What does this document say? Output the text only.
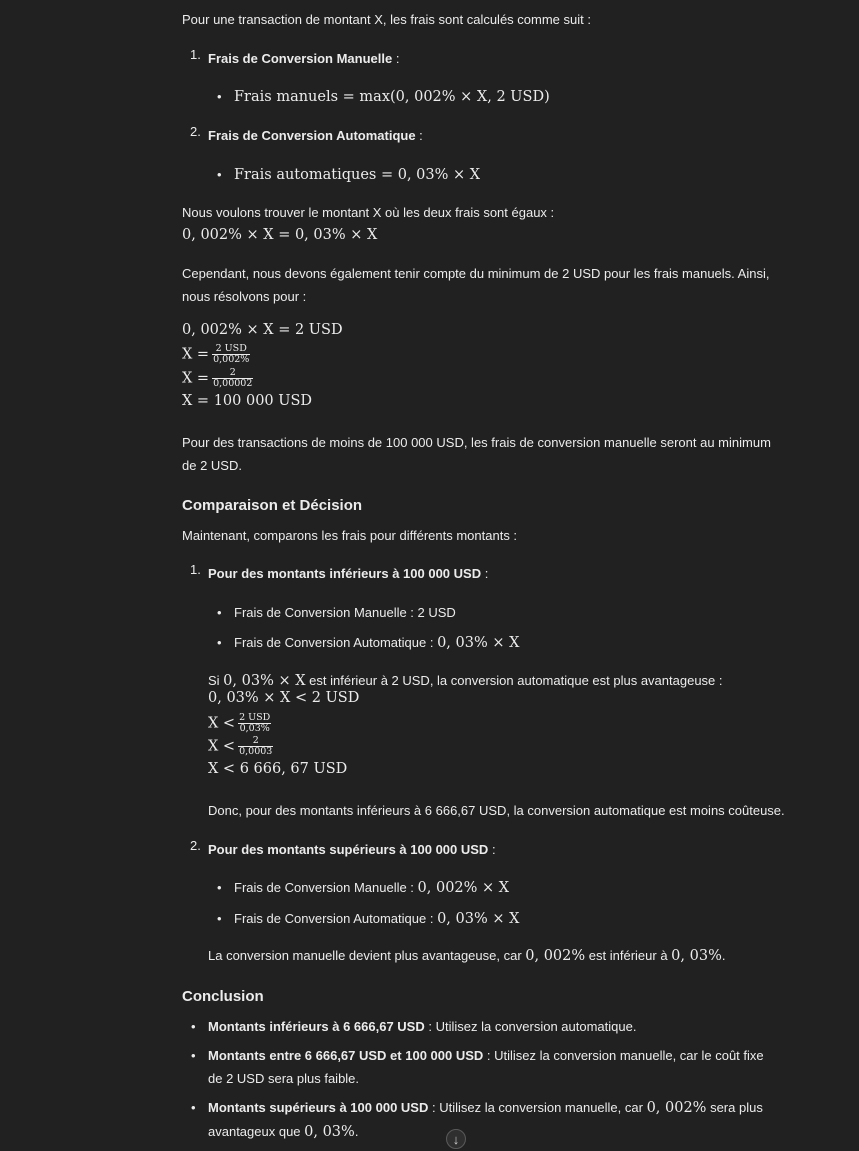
Pour une transaction de montant X, les frais sont calculés comme suit :

1. Frais de Conversion Manuelle :
• Frais manuels = max(0, 002% × X, 2 USD)
2. Frais de Conversion Automatique :
• Frais automatiques = 0, 03% × X

Nous voulons trouver le montant X où les deux frais sont égaux :

0, 002% × X = 0, 03% × X

Cependant, nous devons également tenir compte du minimum de 2 USD pour les frais manuels. Ainsi, nous résolvons pour :

0, 002% × X = 2 USD
$X = \frac{\text{2 USD}}{0,002\%}$
$X = \frac{2}{0,00002}$
X = 100 000 USD

Pour des transactions de moins de 100 000 USD, les frais de conversion manuelle seront au minimum de 2 USD.

Comparaison et Décision

Maintenant, comparons les frais pour différents montants :

1. Pour des montants inférieurs à 100 000 USD :
• Frais de Conversion Manuelle : 2 USD
• Frais de Conversion Automatique : 0, 03% × X

Si 0, 03% × X est inférieur à 2 USD, la conversion automatique est plus avantageuse :

0, 03% × X < 2 USD
$X < \frac{\text{2 USD}}{0,03\%}$
$X < \frac{2}{0,0003}$
X < 6 666, 67 USD

Donc, pour des montants inférieurs à 6 666,67 USD, la conversion automatique est moins coûteuse.

2. Pour des montants supérieurs à 100 000 USD :
• Frais de Conversion Manuelle : 0, 002% × X
• Frais de Conversion Automatique : 0, 03% × X

La conversion manuelle devient plus avantageuse, car 0, 002% est inférieur à 0, 03%.

Conclusion
• Montants inférieurs à 6 666,67 USD : Utilisez la conversion automatique.
• Montants entre 6 666,67 USD et 100 000 USD : Utilisez la conversion manuelle, car le coût fixe de 2 USD sera plus faible.
• Montants supérieurs à 100 000 USD : Utilisez la conversion manuelle, car 0, 002% sera plus avantageux que 0, 03%.	↓
